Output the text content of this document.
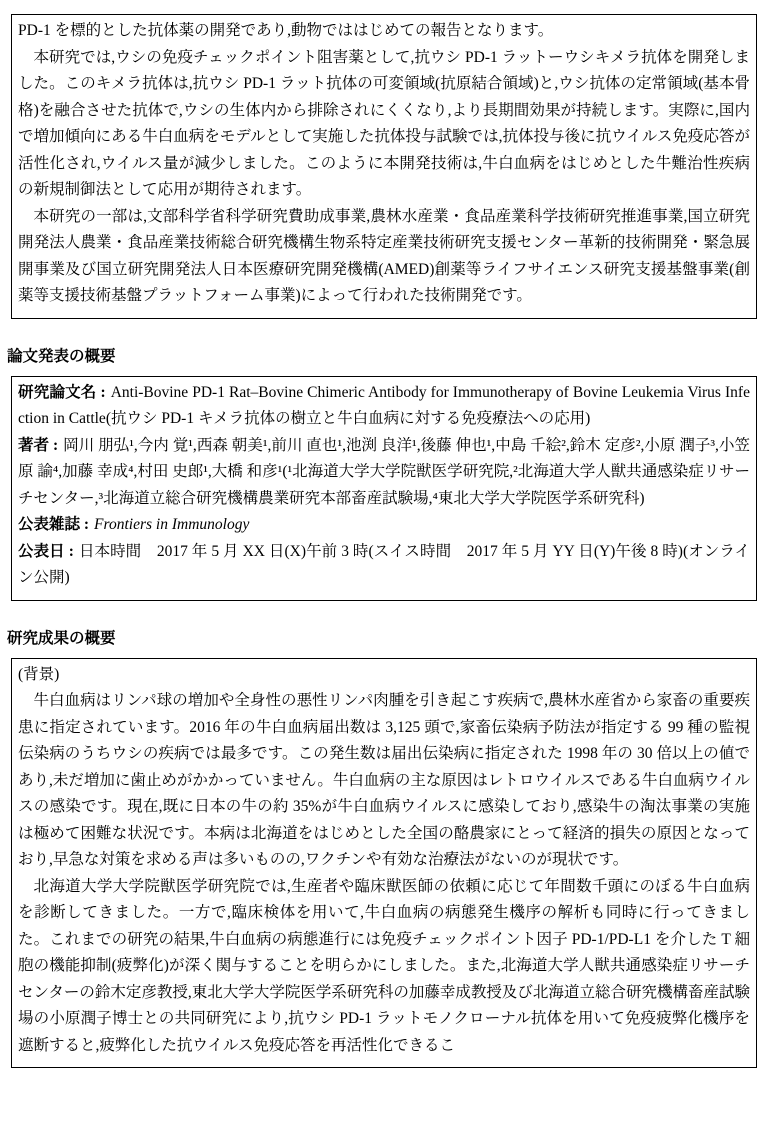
PD-1 を標的とした抗体薬の開発であり,動物でははじめての報告となります。

本研究では,ウシの免疫チェックポイント阻害薬として,抗ウシ PD-1 ラットーウシキメラ抗体を開発しました。このキメラ抗体は,抗ウシ PD-1 ラット抗体の可変領域(抗原結合領域)と,ウシ抗体の定常領域(基本骨格)を融合させた抗体で,ウシの生体内から排除されにくくなり,より長期間効果が持続します。実際に,国内で増加傾向にある牛白血病をモデルとして実施した抗体投与試験では,抗体投与後に抗ウイルス免疫応答が活性化され,ウイルス量が減少しました。このように本開発技術は,牛白血病をはじめとした牛難治性疾病の新規制御法として応用が期待されます。

本研究の一部は,文部科学省科学研究費助成事業,農林水産業・食品産業科学技術研究推進事業,国立研究開発法人農業・食品産業技術総合研究機構生物系特定産業技術研究支援センター革新的技術開発・緊急展開事業及び国立研究開発法人日本医療研究開発機構(AMED)創薬等ライフサイエンス研究支援基盤事業(創薬等支援技術基盤プラットフォーム事業)によって行われた技術開発です。

論文発表の概要

研究論文名 : Anti-Bovine PD-1 Rat–Bovine Chimeric Antibody for Immunotherapy of Bovine Leukemia Virus Infection in Cattle(抗ウシ PD-1 キメラ抗体の樹立と牛白血病に対する免疫療法への応用)

著者 : 岡川 朋弘¹,今内 覚¹,西森 朝美¹,前川 直也¹,池渕 良洋¹,後藤 伸也¹,中島 千絵²,鈴木 定彦²,小原 潤子³,小笠原 諭⁴,加藤 幸成⁴,村田 史郎¹,大橋 和彦¹(¹北海道大学大学院獣医学研究院,²北海道大学人獣共通感染症リサーチセンター,³北海道立総合研究機構農業研究本部畜産試験場,⁴東北大学大学院医学系研究科)

公表雑誌 : Frontiers in Immunology

公表日 : 日本時間　2017 年 5 月 XX 日(X)午前 3 時(スイス時間　2017 年 5 月 YY 日(Y)午後 8 時)(オンライン公開)

研究成果の概要

(背景)

牛白血病はリンパ球の増加や全身性の悪性リンパ肉腫を引き起こす疾病で,農林水産省から家畜の重要疾患に指定されています。2016 年の牛白血病届出数は 3,125 頭で,家畜伝染病予防法が指定する 99 種の監視伝染病のうちウシの疾病では最多です。この発生数は届出伝染病に指定された 1998 年の 30 倍以上の値であり,未だ増加に歯止めがかかっていません。牛白血病の主な原因はレトロウイルスである牛白血病ウイルスの感染です。現在,既に日本の牛の約 35%が牛白血病ウイルスに感染しており,感染牛の淘汰事業の実施は極めて困難な状況です。本病は北海道をはじめとした全国の酪農家にとって経済的損失の原因となっており,早急な対策を求める声は多いものの,ワクチンや有効な治療法がないのが現状です。

北海道大学大学院獣医学研究院では,生産者や臨床獣医師の依頼に応じて年間数千頭にのぼる牛白血病を診断してきました。一方で,臨床検体を用いて,牛白血病の病態発生機序の解析も同時に行ってきました。これまでの研究の結果,牛白血病の病態進行には免疫チェックポイント因子 PD-1/PD-L1 を介した T 細胞の機能抑制(疲弊化)が深く関与することを明らかにしました。また,北海道大学人獣共通感染症リサーチセンターの鈴木定彦教授,東北大学大学院医学系研究科の加藤幸成教授及び北海道立総合研究機構畜産試験場の小原潤子博士との共同研究により,抗ウシ PD-1 ラットモノクローナル抗体を用いて免疫疲弊化機序を遮断すると,疲弊化した抗ウイルス免疫応答を再活性化できるこ
